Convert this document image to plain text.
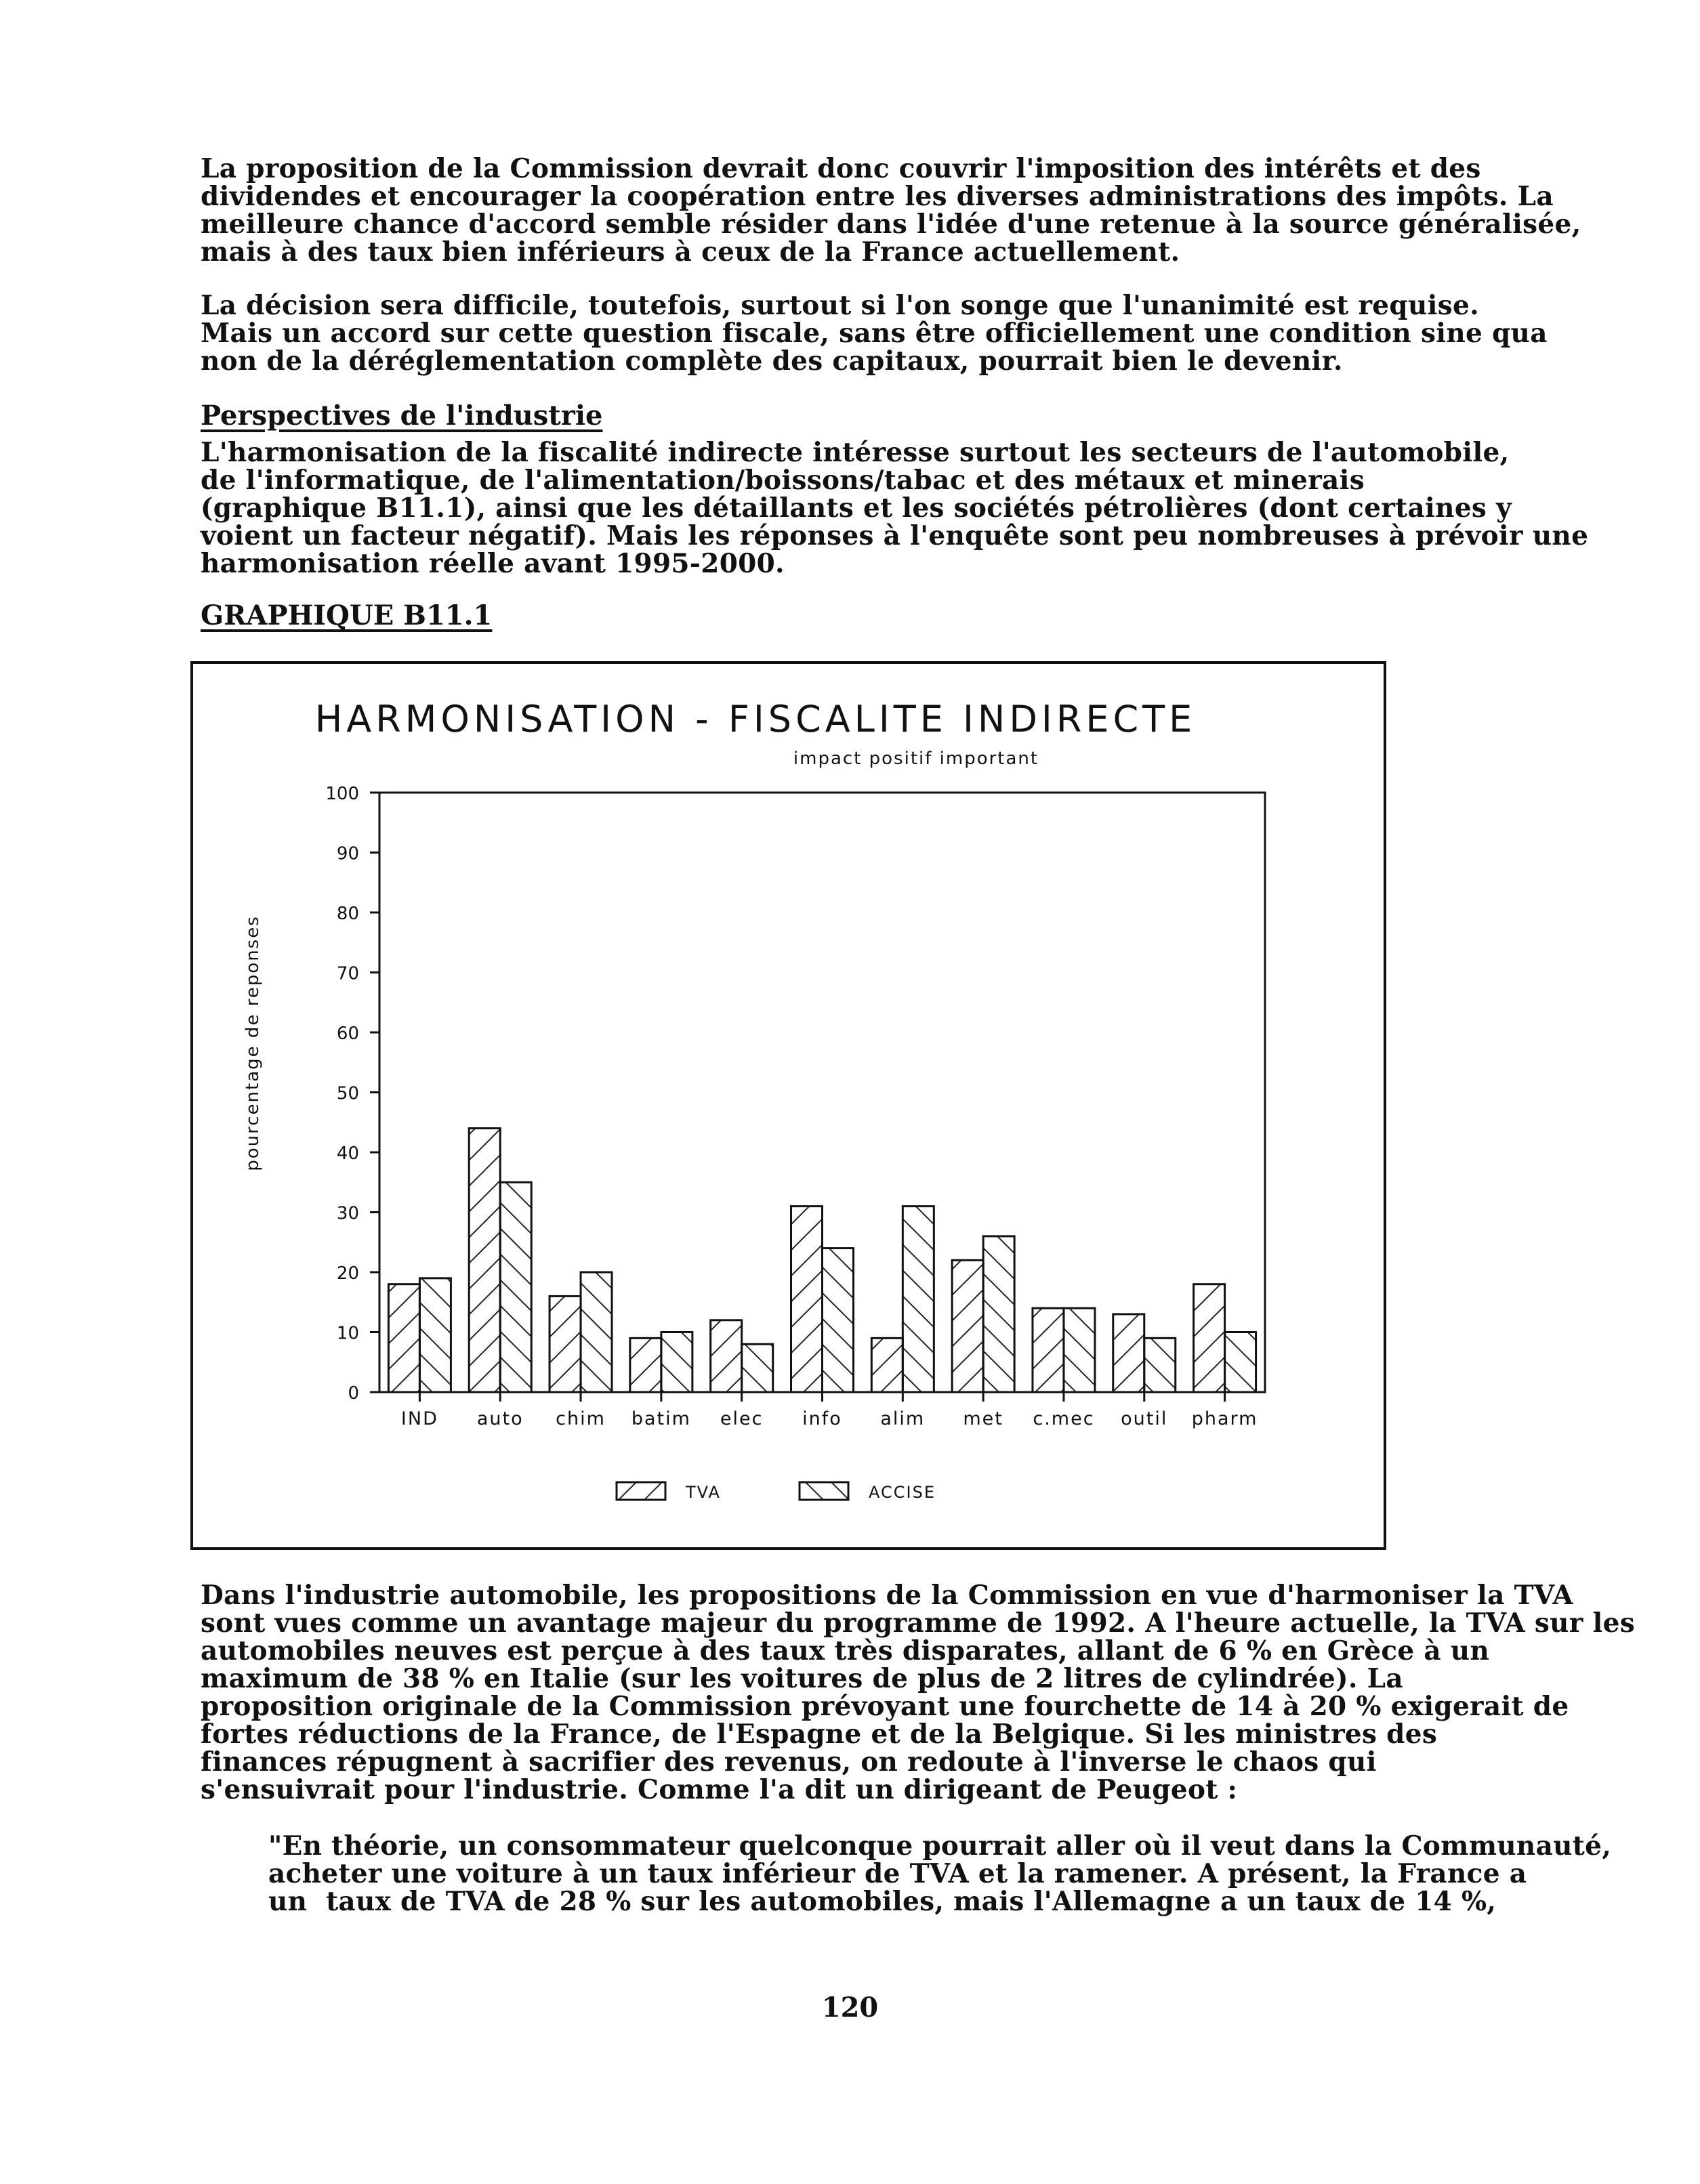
La proposition de la Commission devrait donc couvrir l'imposition des intérêts et des
dividendes et encourager la coopération entre les diverses administrations des impôts. La
meilleure chance d'accord semble résider dans l'idée d'une retenue à la source généralisée,
mais à des taux bien inférieurs à ceux de la France actuellement.
La décision sera difficile, toutefois, surtout si l'on songe que l'unanimité est requise.
Mais un accord sur cette question fiscale, sans être officiellement une condition sine qua
non de la déréglementation complète des capitaux, pourrait bien le devenir.
Perspectives de l'industrie
L'harmonisation de la fiscalité indirecte intéresse surtout les secteurs de l'automobile,
de l'informatique, de l'alimentation/boissons/tabac et des métaux et minerais
(graphique B11.1), ainsi que les détaillants et les sociétés pétrolières (dont certaines y
voient un facteur négatif). Mais les réponses à l'enquête sont peu nombreuses à prévoir une
harmonisation réelle avant 1995-2000.
GRAPHIQUE B11.1
HARMONISATION - FISCALITE INDIRECTE
impact positif important
pourcentage de reponses
0
10
20
30
40
50
60
70
80
90
100
IND auto chim batim elec info alim met c.mec outil pharm
TVA	ACCISE
Dans l'industrie automobile, les propositions de la Commission en vue d'harmoniser la TVA
sont vues comme un avantage majeur du programme de 1992. A l'heure actuelle, la TVA sur les
automobiles neuves est perçue à des taux très disparates, allant de 6 % en Grèce à un
maximum de 38 % en Italie (sur les voitures de plus de 2 litres de cylindrée). La
proposition originale de la Commission prévoyant une fourchette de 14 à 20 % exigerait de
fortes réductions de la France, de l'Espagne et de la Belgique. Si les ministres des
finances répugnent à sacrifier des revenus, on redoute à l'inverse le chaos qui
s'ensuivrait pour l'industrie. Comme l'a dit un dirigeant de Peugeot :
"En théorie, un consommateur quelconque pourrait aller où il veut dans la Communauté,
acheter une voiture à un taux inférieur de TVA et la ramener. A présent, la France a
un  taux de TVA de 28 % sur les automobiles, mais l'Allemagne a un taux de 14 %,
120
